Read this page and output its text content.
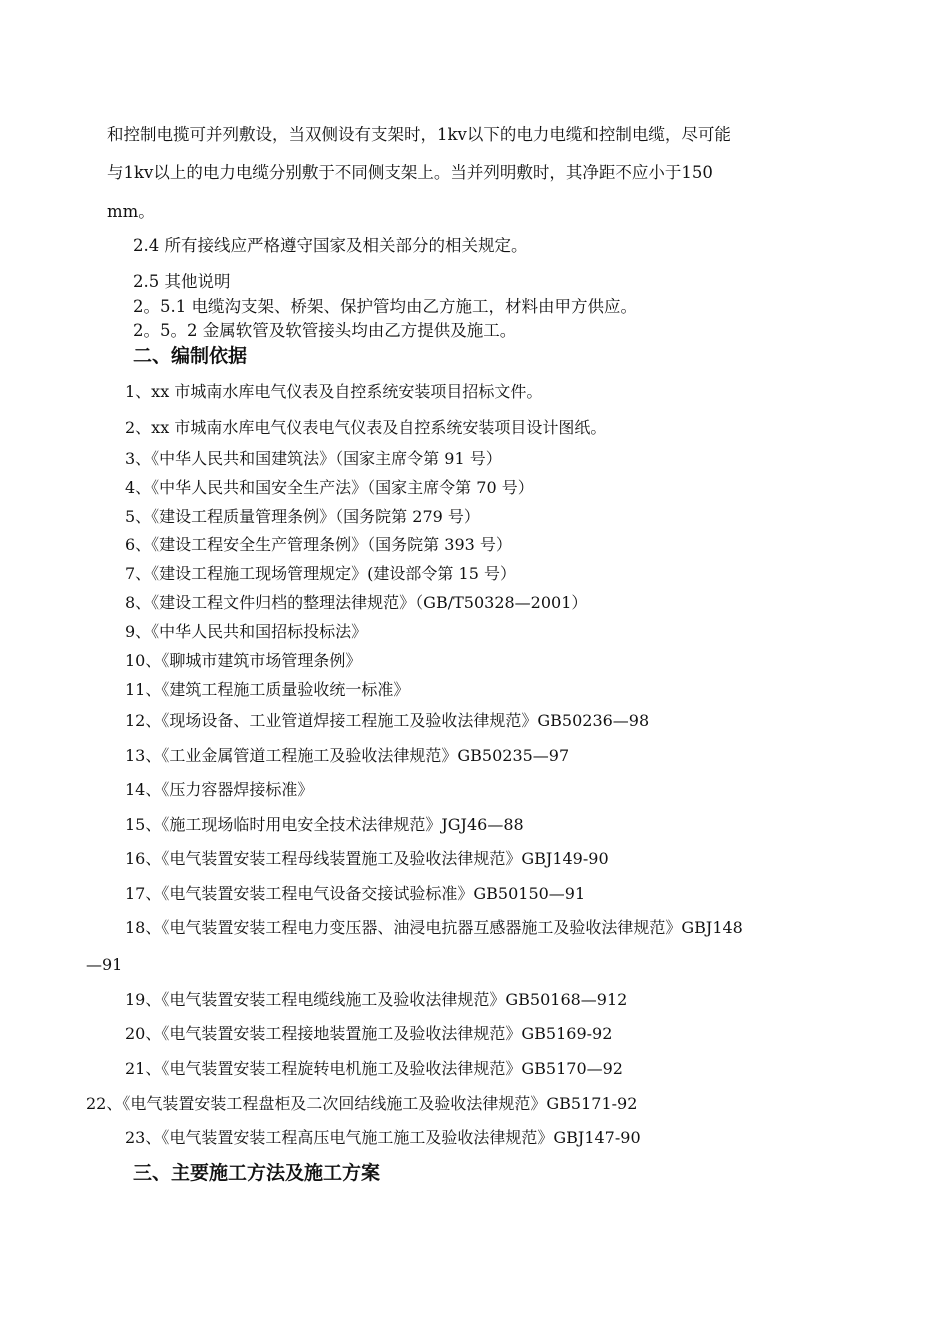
和控制电揽可并列敷设，当双侧设有支架时，1kv以下的电力电缆和控制电缆，尽可能
与1kv以上的电力电缆分别敷于不同侧支架上。当并列明敷时，其净距不应小于150
mm。
2.4 所有接线应严格遵守国家及相关部分的相关规定。
2.5 其他说明
2。5.1 电缆沟支架、桥架、保护管均由乙方施工，材料由甲方供应。
2。5。2 金属软管及软管接头均由乙方提供及施工。
二、编制依据
1、xx 市城南水库电气仪表及自控系统安装项目招标文件。
2、xx 市城南水库电气仪表电气仪表及自控系统安装项目设计图纸。
3、《中华人民共和国建筑法》（国家主席令第 91 号）
4、《中华人民共和国安全生产法》（国家主席令第 70 号）
5、《建设工程质量管理条例》（国务院第 279 号）
6、《建设工程安全生产管理条例》（国务院第 393 号）
7、《建设工程施工现场管理规定》(建设部令第 15 号）
8、《建设工程文件归档的整理法律规范》（GB/T50328—2001）
9、《中华人民共和国招标投标法》
10、《聊城市建筑市场管理条例》
11、《建筑工程施工质量验收统一标准》
12、《现场设备、工业管道焊接工程施工及验收法律规范》GB50236—98
13、《工业金属管道工程施工及验收法律规范》GB50235—97
14、《压力容器焊接标准》
15、《施工现场临时用电安全技术法律规范》JGJ46—88
16、《电气装置安装工程母线装置施工及验收法律规范》GBJ149-90
17、《电气装置安装工程电气设备交接试验标准》GB50150—91
18、《电气装置安装工程电力变压器、油浸电抗器互感器施工及验收法律规范》GBJ148
—91
19、《电气装置安装工程电缆线施工及验收法律规范》GB50168—912
20、《电气装置安装工程接地装置施工及验收法律规范》GB5169-92
21、《电气装置安装工程旋转电机施工及验收法律规范》GB5170—92
22、《电气装置安装工程盘柜及二次回结线施工及验收法律规范》GB5171-92
23、《电气装置安装工程高压电气施工施工及验收法律规范》GBJ147-90
三、主要施工方法及施工方案
